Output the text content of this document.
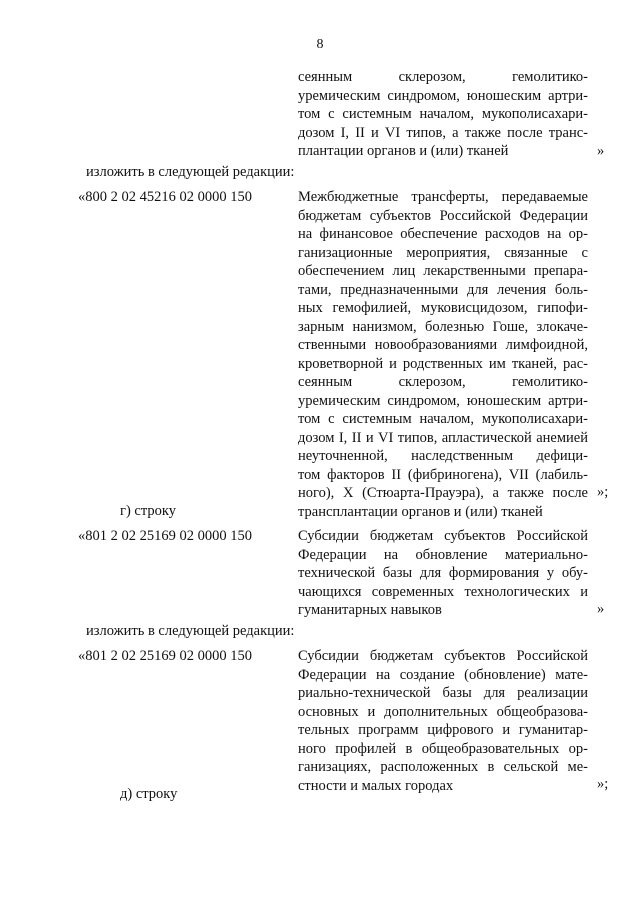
8
сеянным склерозом, гемолитико-
уремическим синдромом, юношеским артри-
том с системным началом, мукополисахари-
дозом I, II и VI типов, а также после транс-
плантации органов и (или) тканей	»
изложить в следующей редакции:
«800 2 02 45216 02 0000 150	Межбюджетные трансферты, передаваемые
бюджетам субъектов Российской Федерации
на финансовое обеспечение расходов на ор-
ганизационные мероприятия, связанные с
обеспечением лиц лекарственными препара-
тами, предназначенными для лечения боль-
ных гемофилией, муковисцидозом, гипофи-
зарным нанизмом, болезнью Гоше, злокаче-
ственными новообразованиями лимфоидной,
кроветворной и родственных им тканей, рас-
сеянным склерозом, гемолитико-
уремическим синдромом, юношеским артри-
том с системным началом, мукополисахари-
дозом I, II и VI типов, апластической анемией
неуточненной, наследственным дефици-
том факторов II (фибриногена), VII (лабиль-
ного), X (Стюарта-Прауэра), а также после
трансплантации органов и (или) тканей
»;
г) строку
«801 2 02 25169 02 0000 150	Субсидии бюджетам субъектов Российской
Федерации на обновление материально-
технической базы для формирования у обу-
чающихся современных технологических и
гуманитарных навыков	»
изложить в следующей редакции:
«801 2 02 25169 02 0000 150	Субсидии бюджетам субъектов Российской
Федерации на создание (обновление) мате-
риально-технической базы для реализации
основных и дополнительных общеобразова-
тельных программ цифрового и гуманитар-
ного профилей в общеобразовательных ор-
ганизациях, расположенных в сельской ме-
стности и малых городах	»;
д) строку
